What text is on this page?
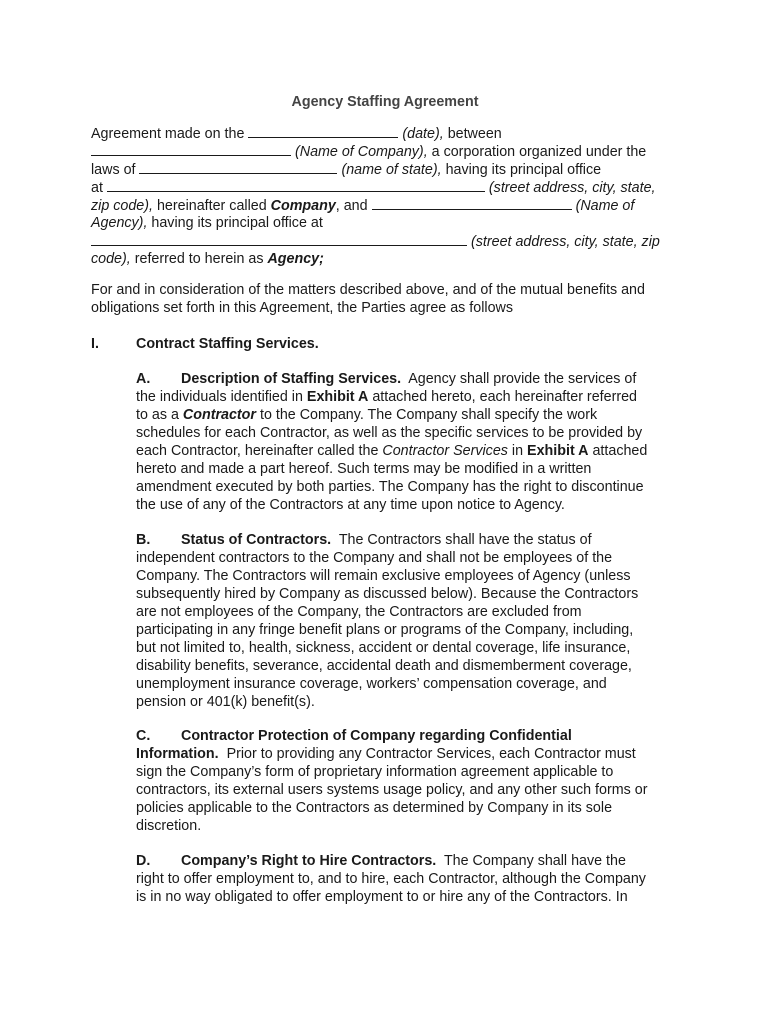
Agency Staffing Agreement
Agreement made on the	(date), between
(Name of Company), a corporation organized under the
laws of	(name of state), having its principal office
at	(street address, city, state,
zip code), hereinafter called Company, and	(Name of
Agency), having its principal office at
(street address, city, state, zip
code), referred to herein as Agency;
For and in consideration of the matters described above, and of the mutual benefits and
obligations set forth in this Agreement, the Parties agree as follows
I.	Contract Staffing Services.
A. Description of Staffing Services. Agency shall provide the services of
the individuals identified in Exhibit A attached hereto, each hereinafter referred
to as a Contractor to the Company. The Company shall specify the work
schedules for each Contractor, as well as the specific services to be provided by
each Contractor, hereinafter called the Contractor Services in Exhibit A attached
hereto and made a part hereof. Such terms may be modified in a written
amendment executed by both parties. The Company has the right to discontinue
the use of any of the Contractors at any time upon notice to Agency.
B. Status of Contractors. The Contractors shall have the status of
independent contractors to the Company and shall not be employees of the
Company. The Contractors will remain exclusive employees of Agency (unless
subsequently hired by Company as discussed below). Because the Contractors
are not employees of the Company, the Contractors are excluded from
participating in any fringe benefit plans or programs of the Company, including,
but not limited to, health, sickness, accident or dental coverage, life insurance,
disability benefits, severance, accidental death and dismemberment coverage,
unemployment insurance coverage, workers’ compensation coverage, and
pension or 401(k) benefit(s).
C. Contractor Protection of Company regarding Confidential
Information. Prior to providing any Contractor Services, each Contractor must
sign the Company’s form of proprietary information agreement applicable to
contractors, its external users systems usage policy, and any other such forms or
policies applicable to the Contractors as determined by Company in its sole
discretion.
D. Company’s Right to Hire Contractors. The Company shall have the
right to offer employment to, and to hire, each Contractor, although the Company
is in no way obligated to offer employment to or hire any of the Contractors. In
